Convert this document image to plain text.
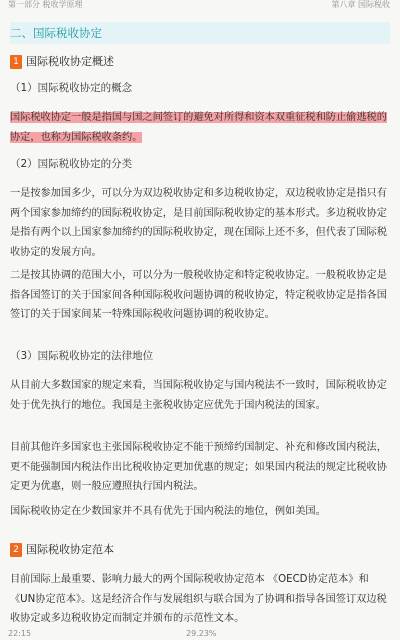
第一部分 税收学原理	第八章 国际税收
二、国际税收协定
1 国际税收协定概述
（1）国际税收协定的概念
国际税收协定一般是指国与国之间签订的避免对所得和资本双重征税和防止偷逃税的协定，也称为国际税收条约。
（2）国际税收协定的分类
一是按参加国多少，可以分为双边税收协定和多边税收协定，双边税收协定是指只有两个国家参加缔约的国际税收协定，是目前国际税收协定的基本形式。多边税收协定是指有两个以上国家参加缔约的国际税收协定，现在国际上还不多，但代表了国际税收协定的发展方向。
二是按其协调的范围大小，可以分为一般税收协定和特定税收协定。一般税收协定是指各国签订的关于国家间各种国际税收问题协调的税收协定，特定税收协定是指各国签订的关于国家间某一特殊国际税收问题协调的税收协定。
（3）国际税收协定的法律地位
从目前大多数国家的规定来看，当国际税收协定与国内税法不一致时，国际税收协定处于优先执行的地位。我国是主张税收协定应优先于国内税法的国家。
目前其他许多国家也主张国际税收协定不能干预缔约国制定、补充和修改国内税法，更不能强制国内税法作出比税收协定更加优惠的规定；如果国内税法的规定比税收协定更为优惠，则一般应遵照执行国内税法。
国际税收协定在少数国家并不具有优先于国内税法的地位，例如美国。
2 国际税收协定范本
目前国际上最重要、影响力最大的两个国际税收协定范本 《OECD协定范本》和《UN协定范本》。这是经济合作与发展组织与联合国为了协调和指导各国签订双边税收协定或多边税收协定而制定并颁布的示范性文本。
22:15	29.23%
